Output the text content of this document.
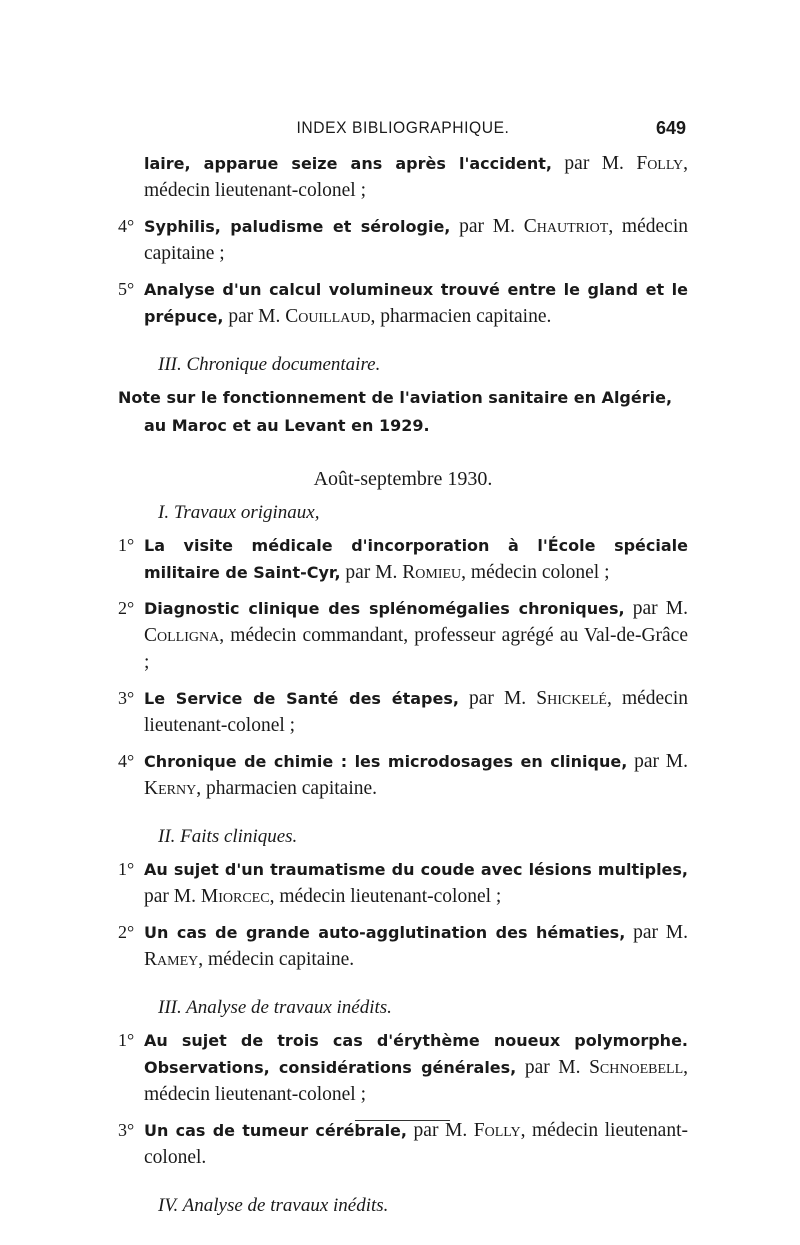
INDEX BIBLIOGRAPHIQUE.	649
laire, apparue seize ans après l'accident, par M. Folly, médecin lieutenant-colonel ;
4° Syphilis, paludisme et sérologie, par M. Chautriot, médecin capitaine ;
5° Analyse d'un calcul volumineux trouvé entre le gland et le prépuce, par M. Couillaud, pharmacien capitaine.
III. Chronique documentaire.
Note sur le fonctionnement de l'aviation sanitaire en Algérie,
au Maroc et au Levant en 1929.
Août-septembre 1930.
I. Travaux originaux,
1° La visite médicale d'incorporation à l'École spéciale militaire de Saint-Cyr, par M. Romieu, médecin colonel ;
2° Diagnostic clinique des splénomégalies chroniques, par M. Colligna, médecin commandant, professeur agrégé au Val-de-Grâce ;
3° Le Service de Santé des étapes, par M. Shickelé, médecin lieutenant-colonel ;
4° Chronique de chimie : les microdosages en clinique, par M. Kerny, pharmacien capitaine.
II. Faits cliniques.
1° Au sujet d'un traumatisme du coude avec lésions multiples, par M. Miorcec, médecin lieutenant-colonel ;
2° Un cas de grande auto-agglutination des hématies, par M. Ramey, médecin capitaine.
III. Analyse de travaux inédits.
1° Au sujet de trois cas d'érythème noueux polymorphe. Observations, considérations générales, par M. Schnoebell, médecin lieutenant-colonel ;
3° Un cas de tumeur cérébrale, par M. Folly, médecin lieutenant-colonel.
IV. Analyse de travaux inédits.
